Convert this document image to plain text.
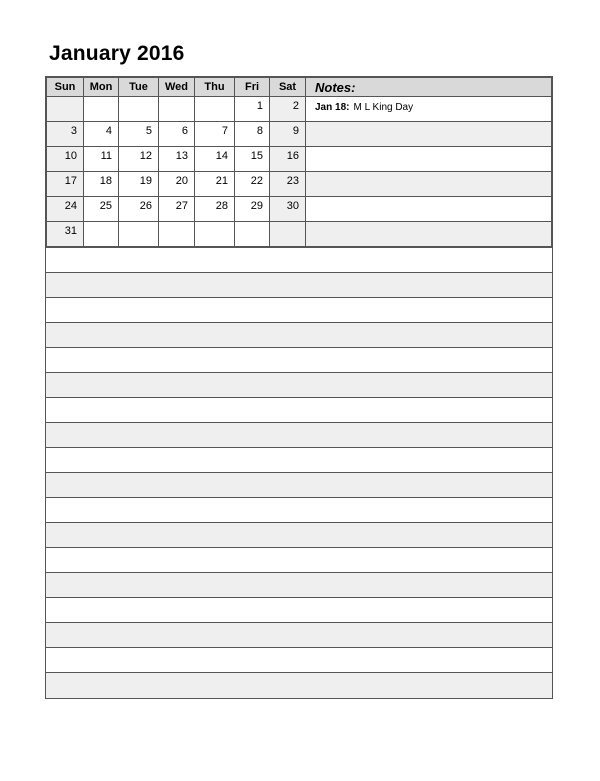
January 2016
Sun	Mon	Tue	Wed	Thu	Fri	Sat	Notes:
					1	2	Jan 18: M L King Day
3	4	5	6	7	8	9	
10	11	12	13	14	15	16	
17	18	19	20	21	22	23	
24	25	26	27	28	29	30	
31							
